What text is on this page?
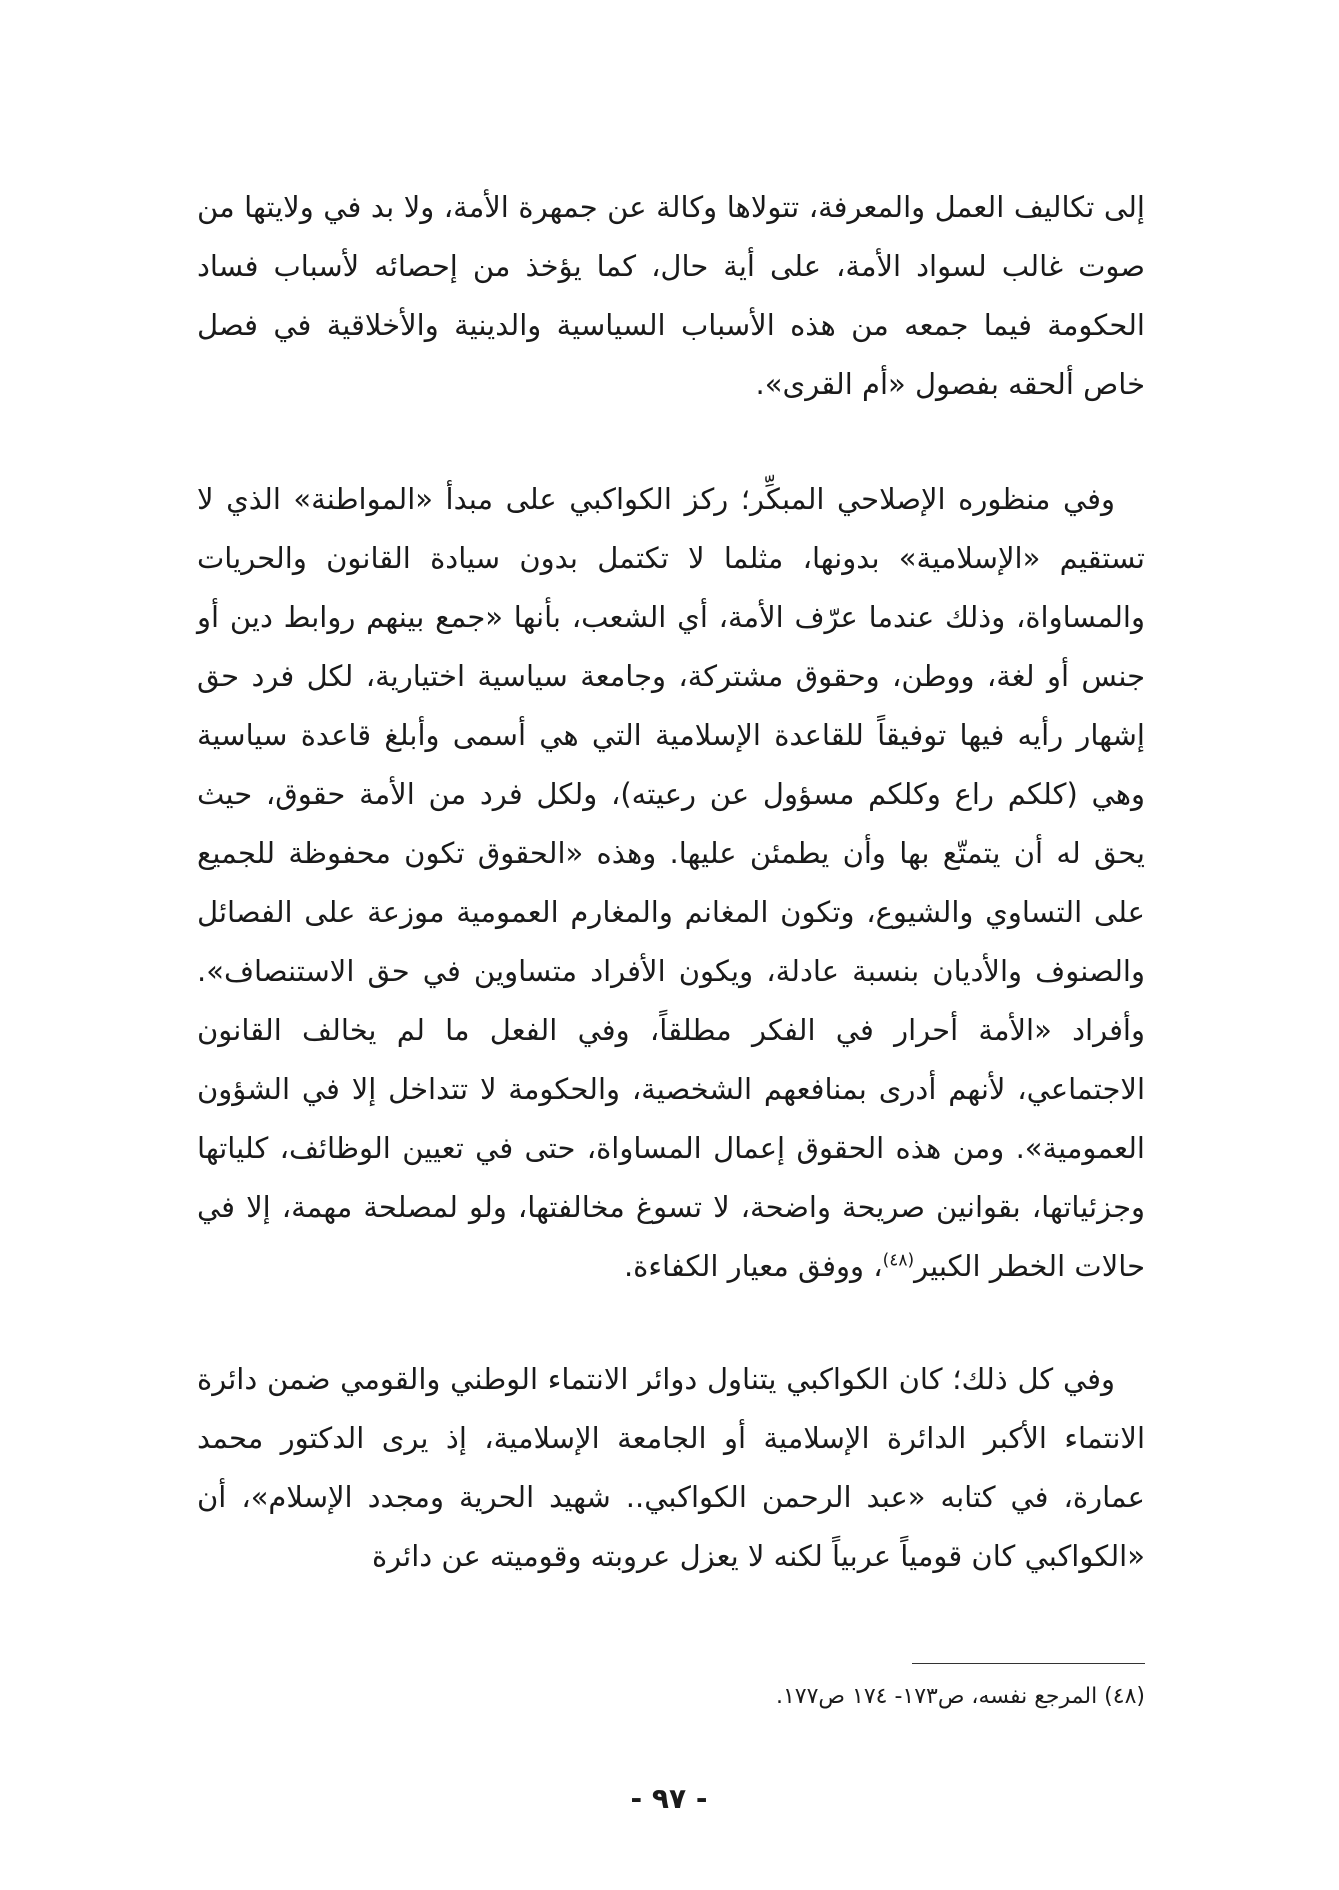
إلى تكاليف العمل والمعرفة، تتولاها وكالة عن جمهرة الأمة، ولا بد في ولايتها من صوت غالب لسواد الأمة، على أية حال، كما يؤخذ من إحصائه لأسباب فساد الحكومة فيما جمعه من هذه الأسباب السياسية والدينية والأخلاقية في فصل خاص ألحقه بفصول «أم القرى».

وفي منظوره الإصلاحي المبكِّر؛ ركز الكواكبي على مبدأ «المواطنة» الذي لا تستقيم «الإسلامية» بدونها، مثلما لا تكتمل بدون سيادة القانون والحريات والمساواة، وذلك عندما عرّف الأمة، أي الشعب، بأنها «جمع بينهم روابط دين أو جنس أو لغة، ووطن، وحقوق مشتركة، وجامعة سياسية اختيارية، لكل فرد حق إشهار رأيه فيها توفيقاً للقاعدة الإسلامية التي هي أسمى وأبلغ قاعدة سياسية وهي (كلكم راع وكلكم مسؤول عن رعيته)، ولكل فرد من الأمة حقوق، حيث يحق له أن يتمتّع بها وأن يطمئن عليها. وهذه «الحقوق تكون محفوظة للجميع على التساوي والشيوع، وتكون المغانم والمغارم العمومية موزعة على الفصائل والصنوف والأديان بنسبة عادلة، ويكون الأفراد متساوين في حق الاستنصاف». وأفراد «الأمة أحرار في الفكر مطلقاً، وفي الفعل ما لم يخالف القانون الاجتماعي، لأنهم أدرى بمنافعهم الشخصية، والحكومة لا تتداخل إلا في الشؤون العمومية». ومن هذه الحقوق إعمال المساواة، حتى في تعيين الوظائف، كلياتها وجزئياتها، بقوانين صريحة واضحة، لا تسوغ مخالفتها، ولو لمصلحة مهمة، إلا في حالات الخطر الكبير$^{(٤٨)}$، ووفق معيار الكفاءة.

وفي كل ذلك؛ كان الكواكبي يتناول دوائر الانتماء الوطني والقومي ضمن دائرة الانتماء الأكبر الدائرة الإسلامية أو الجامعة الإسلامية، إذ يرى الدكتور محمد عمارة، في كتابه «عبد الرحمن الكواكبي.. شهيد الحرية ومجدد الإسلام»، أن «الكواكبي كان قومياً عربياً لكنه لا يعزل عروبته وقوميته عن دائرة

(٤٨) المرجع نفسه، ص١٧٣- ١٧٤ ص١٧٧.
- ٩٧ -
